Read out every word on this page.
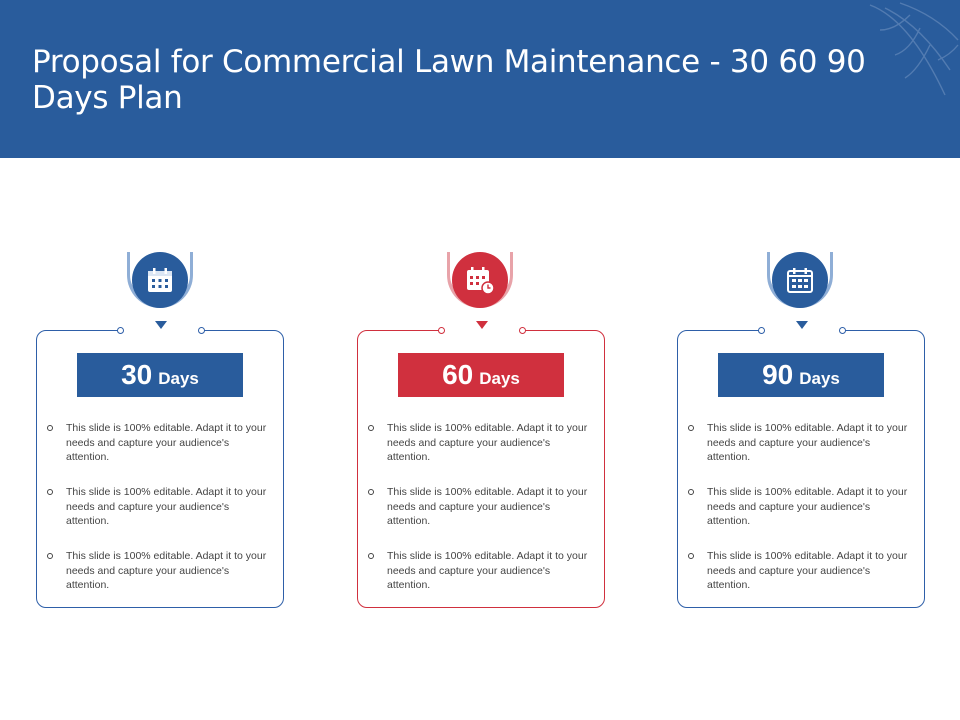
Proposal for Commercial Lawn Maintenance - 30 60 90 Days Plan
30 Days
This slide is 100% editable. Adapt it to your needs and capture your audience's attention.
This slide is 100% editable. Adapt it to your needs and capture your audience's attention.
This slide is 100% editable. Adapt it to your needs and capture your audience's attention.
60 Days
This slide is 100% editable. Adapt it to your needs and capture your audience's attention.
This slide is 100% editable. Adapt it to your needs and capture your audience's attention.
This slide is 100% editable. Adapt it to your needs and capture your audience's attention.
90 Days
This slide is 100% editable. Adapt it to your needs and capture your audience's attention.
This slide is 100% editable. Adapt it to your needs and capture your audience's attention.
This slide is 100% editable. Adapt it to your needs and capture your audience's attention.
